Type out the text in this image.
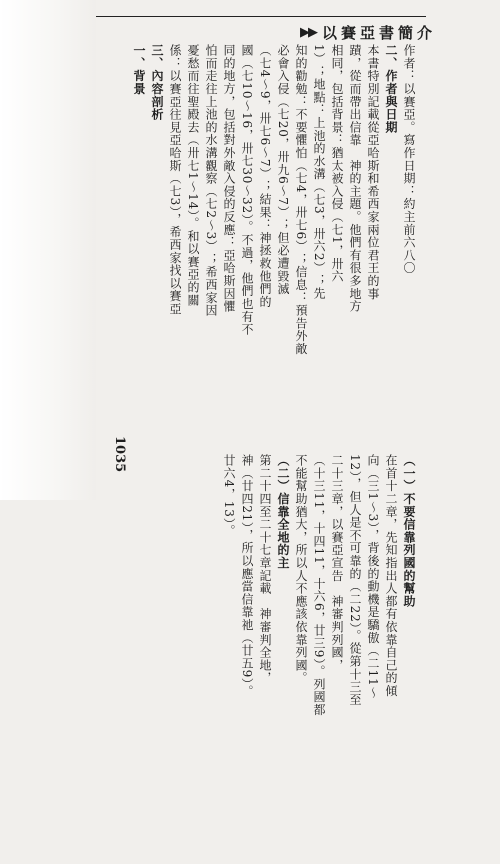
▶▶ 以賽亞書簡介
作者：以賽亞。寫作日期：約主前六八〇二、作者與日期本書特別記載從亞哈斯和希西家兩位君王的事蹟，從而帶出信靠　神的主題。他們有很多地方相同，包括背景：猶太被入侵（七1，卅六1）；地點：上池的水溝（七3，卅六2）；先知的勸勉：不要懼怕（七4，卅七6）；信息：預告外敵必會入侵（七20，卅九6～7）；但必遭毀滅（七4～9，卅七6～7）；結果：神拯救他們的國（七10～16，卅七30～32）。不過，他們也有不同的地方，包括對外敵入侵的反應：亞哈斯因懼怕而走往上池的水溝觀察（七2～3）；希西家因憂愁而往聖殿去（卅七1～14）。和以賽亞的關係：以賽亞往見亞哈斯（七3），希西家找以賽亞三、內容剖析一、背景（一）不要信靠列國的幫助在首十二章，先知指出人都有依靠自己的傾向（三1～3），背後的動機是驕傲（二11～12），但人是不可靠的（二22）。從第十三至二十三章，以賽亞宣告　神審判列國，（十三11，十四11，十六6，廿三9）。列國都不能幫助猶大，所以人不應該依靠列國。（二）信靠全地的主第二十四至二十七章記載　神審判全地，神（廿四21），所以應當信靠祂（廿五9）。廿六4，13）。
1035
